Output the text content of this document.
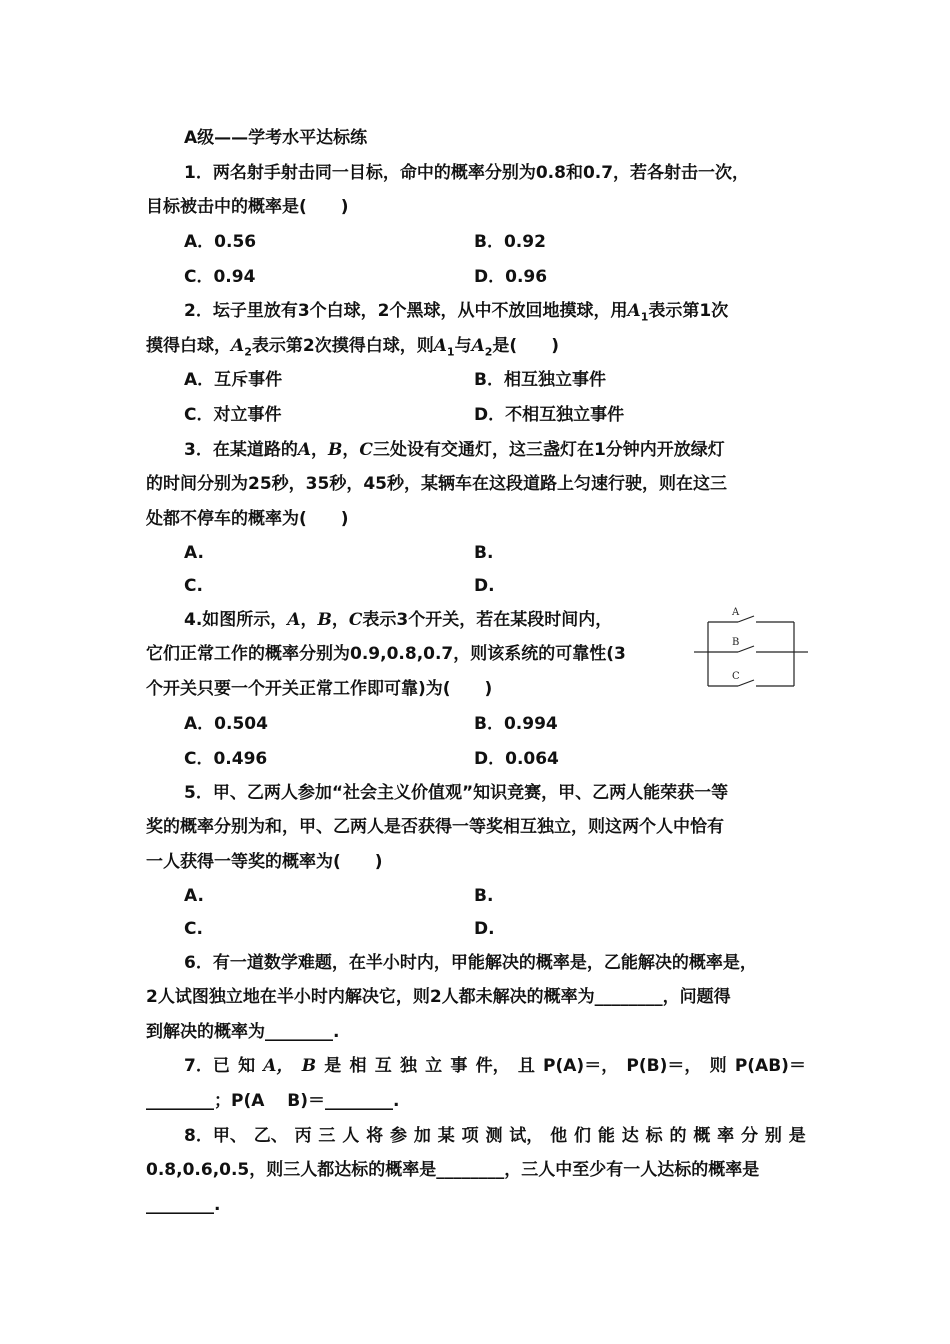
A级——学考水平达标练
1．两名射手射击同一目标，命中的概率分别为0.8和0.7，若各射击一次，
目标被击中的概率是(　　)
A．0.56	B．0.92
C．0.94	D．0.96
2．坛子里放有3个白球，2个黑球，从中不放回地摸球，用$A_1$表示第1次
摸得白球，$A_2$表示第2次摸得白球，则$A_1$与$A_2$是(　　)
A．互斥事件	B．相互独立事件
C．对立事件	D．不相互独立事件
3．在某道路的A，B，C三处设有交通灯，这三盏灯在1分钟内开放绿灯
的时间分别为25秒，35秒，45秒，某辆车在这段道路上匀速行驶，则在这三
处都不停车的概率为(　　)
A.	B.
C.	D.
4.如图所示，A，B，C表示3个开关，若在某段时间内，
它们正常工作的概率分别为0.9,0.8,0.7，则该系统的可靠性(3
个开关只要一个开关正常工作即可靠)为(　　)
A．0.504	B．0.994
C．0.496	D．0.064
A
B
C
5．甲、乙两人参加“社会主义价值观”知识竞赛，甲、乙两人能荣获一等
奖的概率分别为和，甲、乙两人是否获得一等奖相互独立，则这两个人中恰有
一人获得一等奖的概率为(　　)
A.	B.
C.	D.
6．有一道数学难题，在半小时内，甲能解决的概率是，乙能解决的概率是，
2人试图独立地在半小时内解决它，则2人都未解决的概率为________，问题得
到解决的概率为________.
7．已 知 A， B 是 相 互 独 立 事 件， 且 P(A)＝， P(B)＝， 则 P(AB)＝
________；P(A　 B)＝________.
8．甲、 乙、 丙 三 人 将 参 加 某 项 测 试， 他 们 能 达 标 的 概 率 分 别 是
0.8,0.6,0.5，则三人都达标的概率是________，三人中至少有一人达标的概率是
________.
